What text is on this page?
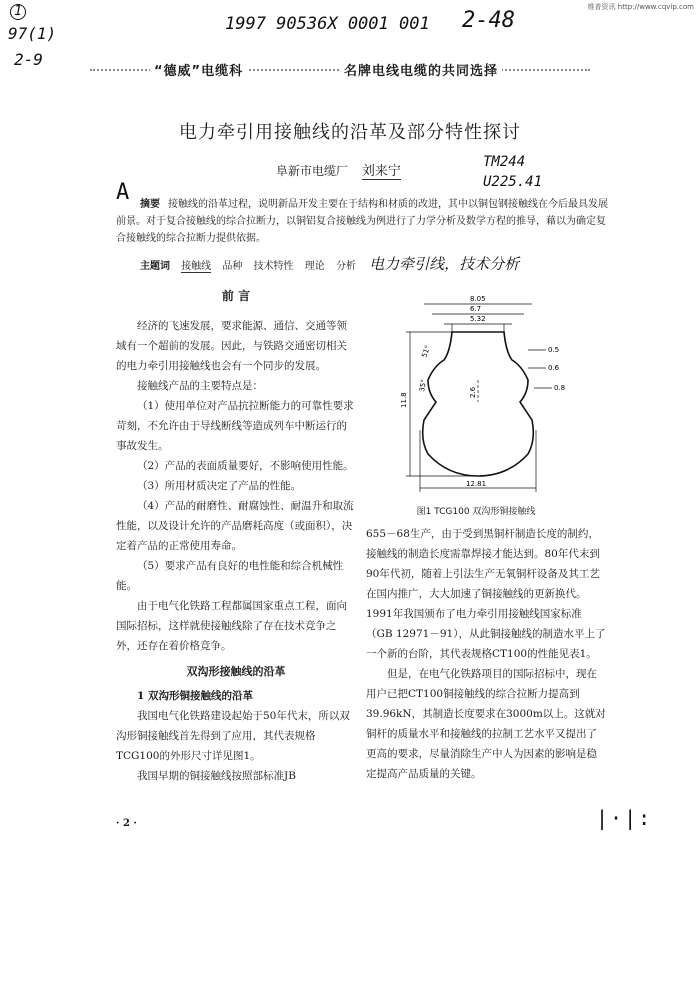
维普资讯 http://www.cqvip.com
1
97(1)
2-9
1997 90536X 0001 001 2-48
TM244
U225.41
A
“德威”电缆科	名牌电线电缆的共同选择
电力牵引用接触线的沿革及部分特性探讨
阜新市电缆厂 刘来宁
摘要 接触线的沿革过程，说明新品开发主要在于结构和材质的改进，其中以铜包钢接触线在今后最具发展前景。对于复合接触线的综合拉断力，以铜铝复合接触线为例进行了力学分析及数学方程的推导，藉以为确定复合接触线的综合拉断力提供依据。
主题词 接触线 品种 技术特性 理论 分析 电力牵引线，技术分析

前 言

经济的飞速发展，要求能源、通信、交通等领域有一个超前的发展。因此，与铁路交通密切相关的电力牵引用接触线也会有一个同步的发展。

接触线产品的主要特点是：

（1）使用单位对产品抗拉断能力的可靠性要求苛刻，不允许由于导线断线等造成列车中断运行的事故发生。

（2）产品的表面质量要好，不影响使用性能。

（3）所用材质决定了产品的性能。

（4）产品的耐磨性、耐腐蚀性、耐温升和取流性能，以及设计允许的产品磨耗高度（或面积），决定着产品的正常使用寿命。

（5）要求产品有良好的电性能和综合机械性能。

由于电气化铁路工程都属国家重点工程，面向国际招标，这样就使接触线除了存在技术竞争之外，还存在着价格竞争。

双沟形接触线的沿革

1 双沟形铜接触线的沿革

我国电气化铁路建设起始于50年代末，所以双沟形铜接触线首先得到了应用，其代表规格TCG100的外形尺寸详见图1。

我国早期的铜接触线按照部标准JB

8.05
6.7
5.32
0.5
0.6
0.8
51°
35°
11.8	2.6
12.81
图1 TCG100 双沟形铜接触线

655－68生产，由于受到黑铜杆制造长度的制约，接触线的制造长度需靠焊接才能达到。80年代末到90年代初，随着上引法生产无氧铜杆设备及其工艺在国内推广，大大加速了铜接触线的更新换代。1991年我国颁布了电力牵引用接触线国家标准（GB 12971－91），从此铜接触线的制造水平上了一个新的台阶，其代表规格CT100的性能见表1。

但是，在电气化铁路项目的国际招标中，现在用户已把CT100铜接触线的综合拉断力提高到39.96kN，其制造长度要求在3000m以上。这就对铜杆的质量水平和接触线的拉制工艺水平又提出了更高的要求，尽量消除生产中人为因素的影响是稳定提高产品质量的关键。

· 2 ·	|·|:
